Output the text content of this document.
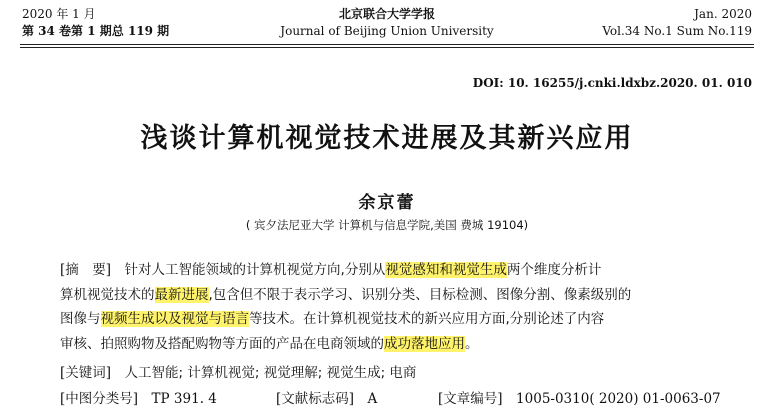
2020 年 1 月
第 34 卷第 1 期总 119 期
北京联合大学学报
Journal of Beijing Union University
Jan. 2020
Vol.34 No.1 Sum No.119
DOI: 10. 16255/j.cnki.ldxbz.2020. 01. 010
浅谈计算机视觉技术进展及其新兴应用
余京蕾
( 宾夕法尼亚大学 计算机与信息学院,美国 费城 19104)
[摘　要]　 针对人工智能领域的计算机视觉方向,分别从视觉感知和视觉生成两个维度分析计
算机视觉技术的最新进展,包含但不限于表示学习、识别分类、目标检测、图像分割、像素级别的
图像与视频生成以及视觉与语言等技术。在计算机视觉技术的新兴应用方面,分别论述了内容
审核、拍照购物及搭配购物等方面的产品在电商领域的成功落地应用。
[关键词]　 人工智能; 计算机视觉; 视觉理解; 视觉生成; 电商
[中图分类号]　 TP 391. 4	[文献标志码]　 A	[文章编号]　 1005-0310( 2020) 01-0063-07
